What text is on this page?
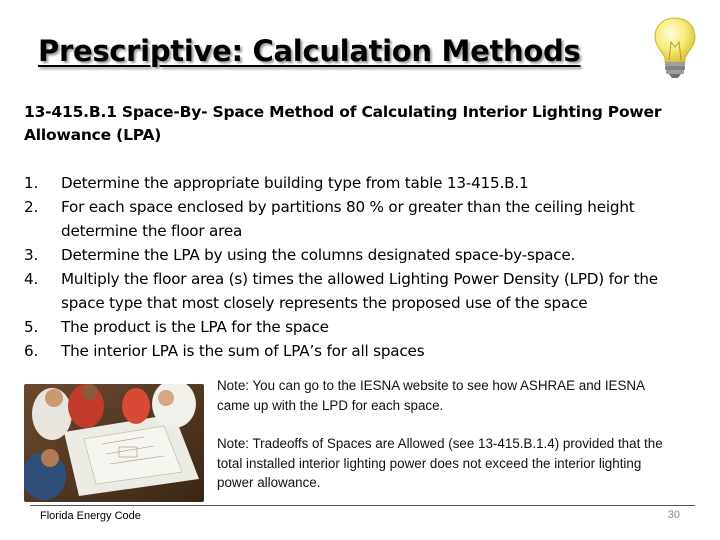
Prescriptive: Calculation Methods

13-415.B.1 Space-By- Space Method of Calculating Interior Lighting Power Allowance (LPA)

1. Determine the appropriate building type from table 13-415.B.1
2. For each space enclosed by partitions 80 % or greater than the ceiling height determine the floor area
3. Determine the LPA by using the columns designated space-by-space.
4. Multiply the floor area (s) times the allowed Lighting Power Density (LPD) for the space type that most closely represents the proposed use of the space
5. The product is the LPA for the space
6. The interior LPA is the sum of LPA’s for all spaces

Note: You can go to the IESNA website to see how ASHRAE and IESNA came up with the LPD for each space.

Note: Tradeoffs of Spaces are Allowed (see 13-415.B.1.4) provided that the total installed interior lighting power does not exceed the interior lighting power allowance.

Florida Energy Code	30
